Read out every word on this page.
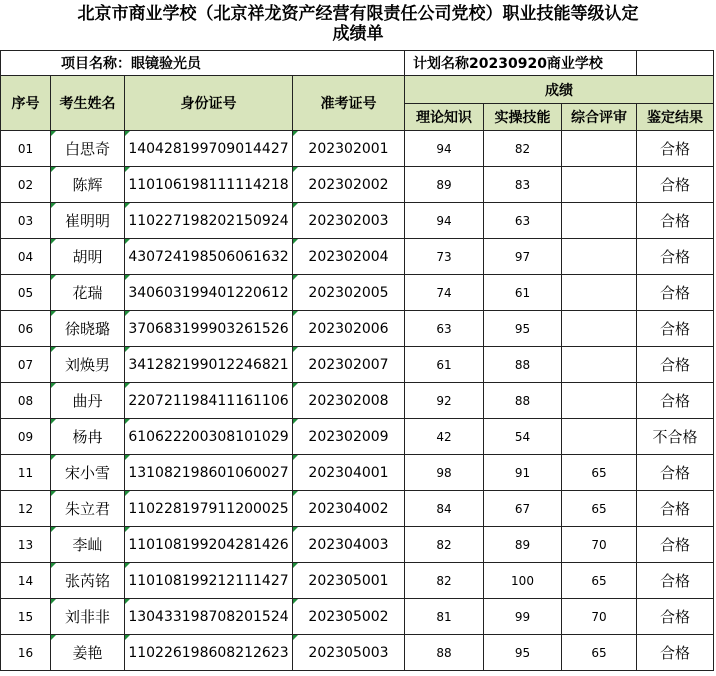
北京市商业学校（北京祥龙资产经营有限责任公司党校）职业技能等级认定
成绩单
项目名称：眼镜验光员				计划名称20230920商业学校			
序号	考生姓名	身份证号	准考证号	成绩			
				理论知识	实操技能	综合评审	鉴定结果
01	白思奇	140428199709014427	202302001	94	82		合格
02	陈辉	110106198111114218	202302002	89	83		合格
03	崔明明	110227198202150924	202302003	94	63		合格
04	胡明	430724198506061632	202302004	73	97		合格
05	花瑞	340603199401220612	202302005	74	61		合格
06	徐晓璐	370683199903261526	202302006	63	95		合格
07	刘焕男	341282199012246821	202302007	61	88		合格
08	曲丹	220721198411161106	202302008	92	88		合格
09	杨冉	610622200308101029	202302009	42	54		不合格
11	宋小雪	131082198601060027	202304001	98	91	65	合格
12	朱立君	110228197911200025	202304002	84	67	65	合格
13	李屾	110108199204281426	202304003	82	89	70	合格
14	张芮铭	110108199212111427	202305001	82	100	65	合格
15	刘非非	130433198708201524	202305002	81	99	70	合格
16	姜艳	110226198608212623	202305003	88	95	65	合格
